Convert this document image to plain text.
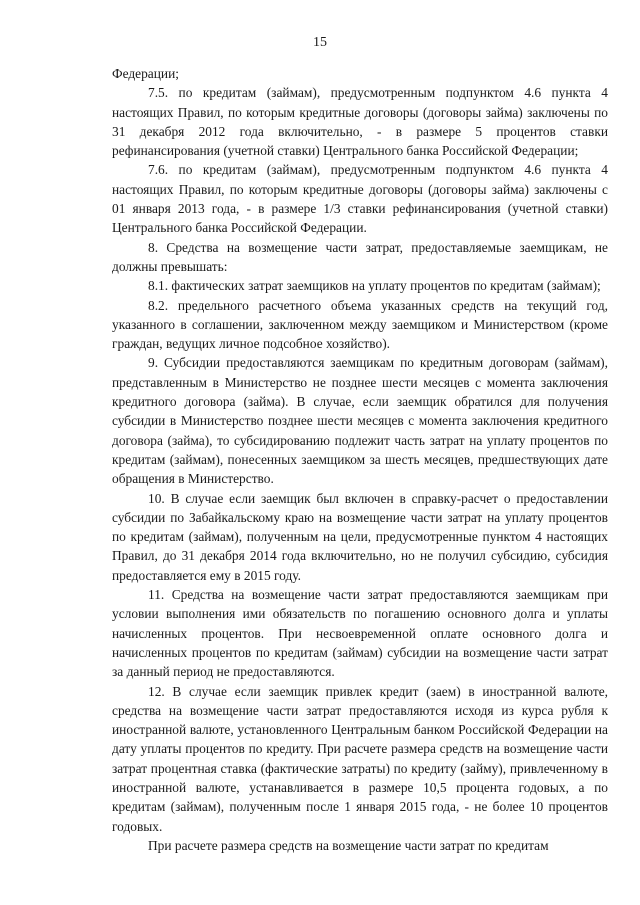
15

Федерации;

7.5. по кредитам (займам), предусмотренным подпунктом 4.6 пункта 4 настоящих Правил, по которым кредитные договоры (договоры займа) заключены по 31 декабря 2012 года включительно, - в размере 5 процентов ставки рефинансирования (учетной ставки) Центрального банка Российской Федерации;

7.6. по кредитам (займам), предусмотренным подпунктом 4.6 пункта 4 настоящих Правил, по которым кредитные договоры (договоры займа) заключены с 01 января 2013 года, - в размере 1/3 ставки рефинансирования (учетной ставки) Центрального банка Российской Федерации.

8. Средства на возмещение части затрат, предоставляемые заемщикам, не должны превышать:

8.1. фактических затрат заемщиков на уплату процентов по кредитам (займам);

8.2. предельного расчетного объема указанных средств на текущий год, указанного в соглашении, заключенном между заемщиком и Министерством (кроме граждан, ведущих личное подсобное хозяйство).

9. Субсидии предоставляются заемщикам по кредитным договорам (займам), представленным в Министерство не позднее шести месяцев с момента заключения кредитного договора (займа). В случае, если заемщик обратился для получения субсидии в Министерство позднее шести месяцев с момента заключения кредитного договора (займа), то субсидированию подлежит часть затрат на уплату процентов по кредитам (займам), понесенных заемщиком за шесть месяцев, предшествующих дате обращения в Министерство.

10. В случае если заемщик был включен в справку-расчет о предоставлении субсидии по Забайкальскому краю на возмещение части затрат на уплату процентов по кредитам (займам), полученным на цели, предусмотренные пунктом 4 настоящих Правил, до 31 декабря 2014 года включительно, но не получил субсидию, субсидия предоставляется ему в 2015 году.

11. Средства на возмещение части затрат предоставляются заемщикам при условии выполнения ими обязательств по погашению основного долга и уплаты начисленных процентов. При несвоевременной оплате основного долга и начисленных процентов по кредитам (займам) субсидии на возмещение части затрат за данный период не предоставляются.

12. В случае если заемщик привлек кредит (заем) в иностранной валюте, средства на возмещение части затрат предоставляются исходя из курса рубля к иностранной валюте, установленного Центральным банком Российской Федерации на дату уплаты процентов по кредиту. При расчете размера средств на возмещение части затрат процентная ставка (фактические затраты) по кредиту (займу), привлеченному в иностранной валюте, устанавливается в размере 10,5 процента годовых, а по кредитам (займам), полученным после 1 января 2015 года, - не более 10 процентов годовых.

При расчете размера средств на возмещение части затрат по кредитам
